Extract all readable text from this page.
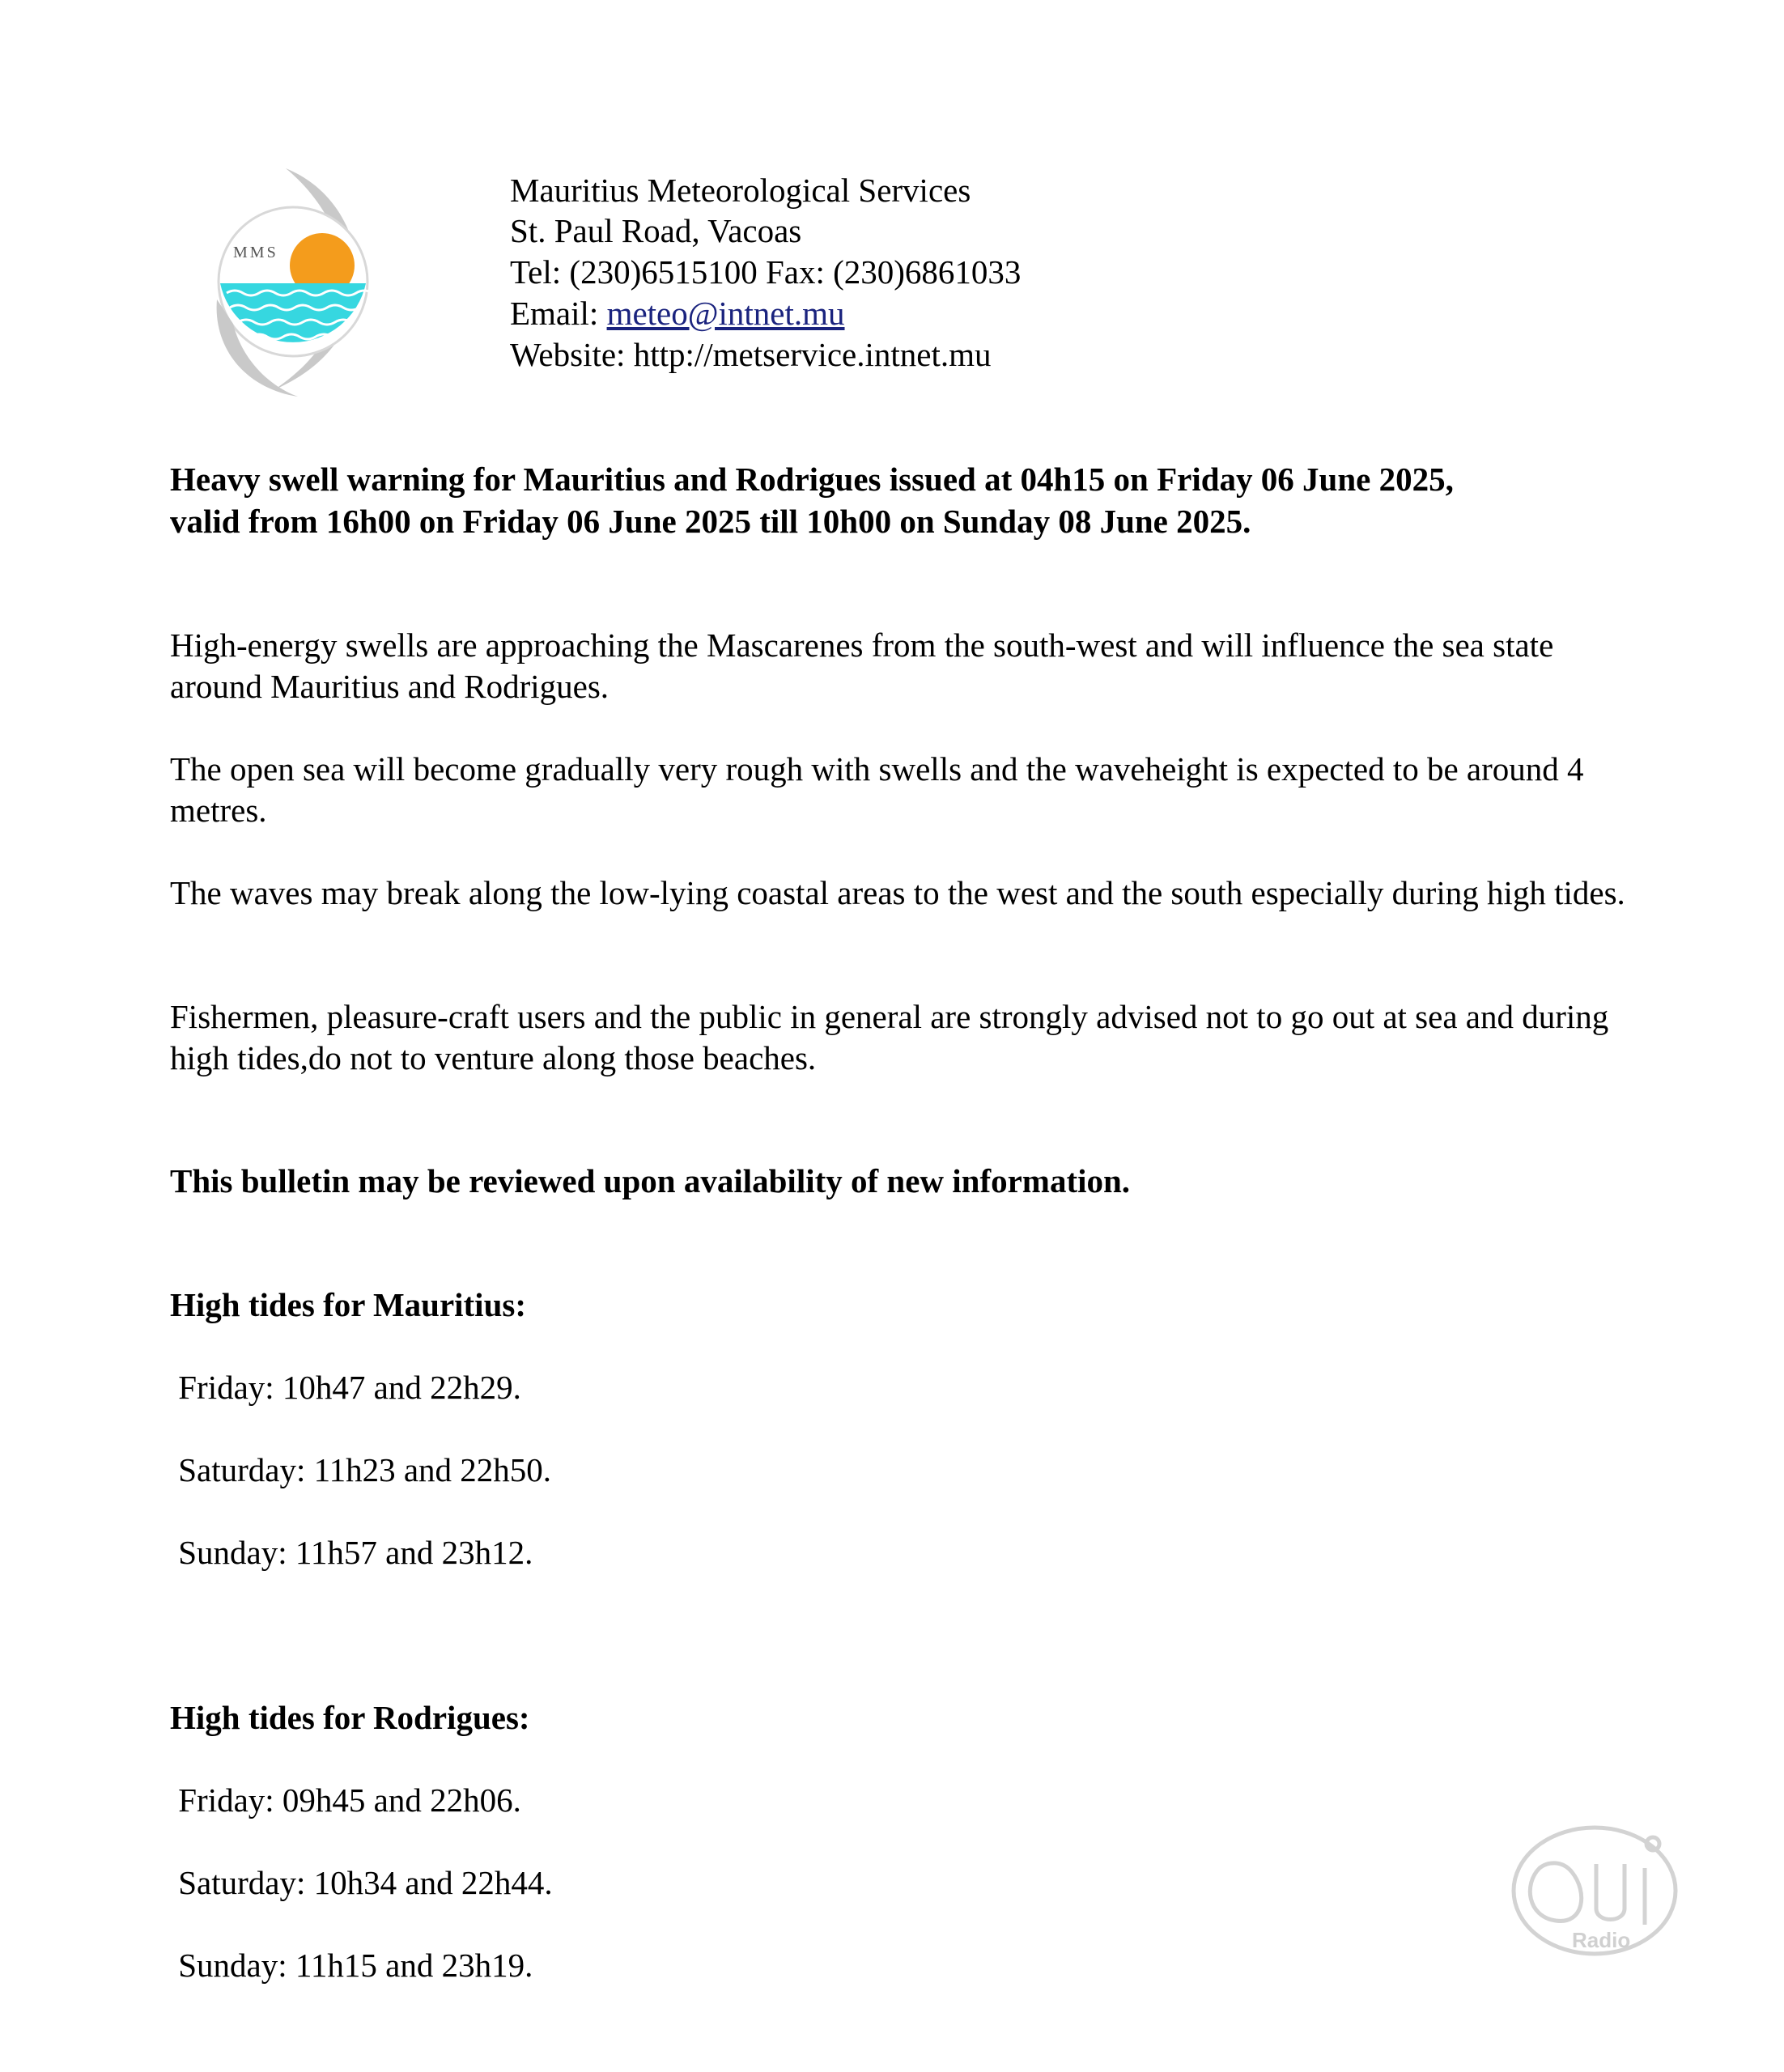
MMS
Mauritius Meteorological Services
St. Paul Road, Vacoas
Tel: (230)6515100 Fax: (230)6861033
Email: meteo@intnet.mu
Website: http://metservice.intnet.mu
Heavy swell warning for Mauritius and Rodrigues issued at 04h15 on Friday 06 June 2025,
valid from 16h00 on Friday 06 June 2025 till 10h00 on Sunday 08 June 2025.
High-energy swells are approaching the Mascarenes from the south-west and will influence the sea state around Mauritius and Rodrigues.
The open sea will become gradually very rough with swells and the waveheight is expected to be around 4 metres.
The waves may break along the low-lying coastal areas to the west and the south especially during high tides.
Fishermen, pleasure-craft users and the public in general are strongly advised not to go out at sea and during high tides,do not to venture along those beaches.
This bulletin may be reviewed upon availability of new information.
High tides for Mauritius:
Friday: 10h47 and 22h29.
Saturday: 11h23 and 22h50.
Sunday: 11h57 and 23h12.
High tides for Rodrigues:
Friday: 09h45 and 22h06.
Saturday: 10h34 and 22h44.
Sunday: 11h15 and 23h19.
Radio
